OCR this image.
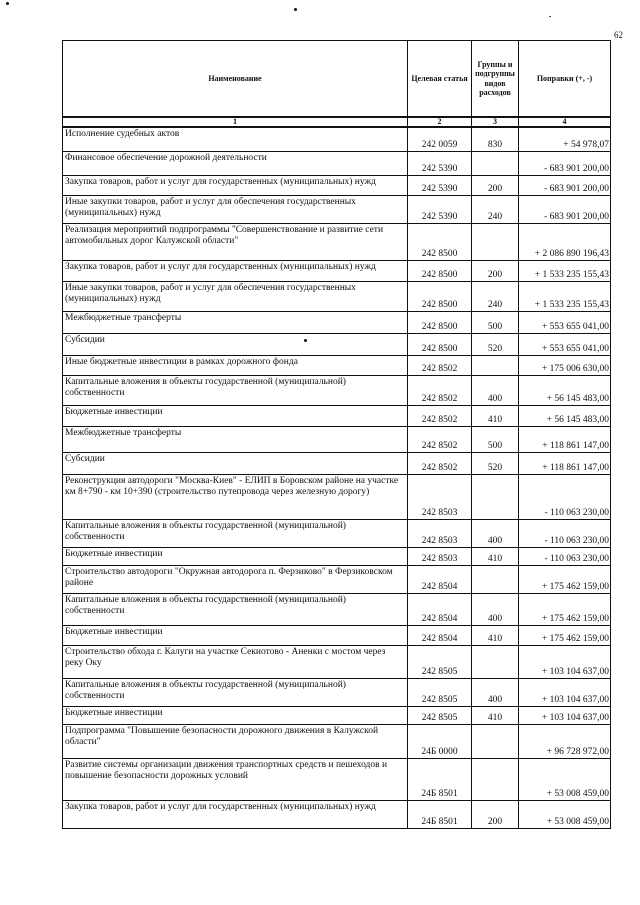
62
Наименование	Целевая статья	Группы и подгруппы видов расходов	Поправки (+, -)
1	2	3	4
Исполнение судебных актов	242 0059	830	+ 54 978,07
Финансовое обеспечение дорожной деятельности	242 5390		- 683 901 200,00
Закупка товаров, работ и услуг для государственных (муниципальных) нужд	242 5390	200	- 683 901 200,00
Иные закупки товаров, работ и услуг для обеспечения государственных (муниципальных) нужд	242 5390	240	- 683 901 200,00
Реализация мероприятий подпрограммы "Совершенствование и развитие сети автомобильных дорог Калужской области"	242 8500		+ 2 086 890 196,43
Закупка товаров, работ и услуг для государственных (муниципальных) нужд	242 8500	200	+ 1 533 235 155,43
Иные закупки товаров, работ и услуг для обеспечения государственных (муниципальных) нужд	242 8500	240	+ 1 533 235 155,43
Межбюджетные трансферты	242 8500	500	+ 553 655 041,00
Субсидии	242 8500	520	+ 553 655 041,00
Иные бюджетные инвестиции в рамках дорожного фонда	242 8502		+ 175 006 630,00
Капитальные вложения в объекты государственной (муниципальной) собственности	242 8502	400	+ 56 145 483,00
Бюджетные инвестиции	242 8502	410	+ 56 145 483,00
Межбюджетные трансферты	242 8502	500	+ 118 861 147,00
Субсидии	242 8502	520	+ 118 861 147,00
Реконструкция автодороги "Москва-Киев" - ЕЛИП в Боровском районе на участке км 8+790 - км 10+390 (строительство путепровода через железную дорогу)	242 8503		- 110 063 230,00
Капитальные вложения в объекты государственной (муниципальной) собственности	242 8503	400	- 110 063 230,00
Бюджетные инвестиции	242 8503	410	- 110 063 230,00
Строительство автодороги "Окружная автодорога п. Ферзиково" в Ферзиковском районе	242 8504		+ 175 462 159,00
Капитальные вложения в объекты государственной (муниципальной) собственности	242 8504	400	+ 175 462 159,00
Бюджетные инвестиции	242 8504	410	+ 175 462 159,00
Строительство обхода г. Калуги на участке Секиотово - Аненки с мостом через реку Оку	242 8505		+ 103 104 637,00
Капитальные вложения в объекты государственной (муниципальной) собственности	242 8505	400	+ 103 104 637,00
Бюджетные инвестиции	242 8505	410	+ 103 104 637,00
Подпрограмма "Повышение безопасности дорожного движения в Калужской области"	24Б 0000		+ 96 728 972,00
Развитие системы организации движения транспортных средств и пешеходов и повышение безопасности дорожных условий	24Б 8501		+ 53 008 459,00
Закупка товаров, работ и услуг для государственных (муниципальных) нужд	24Б 8501	200	+ 53 008 459,00
